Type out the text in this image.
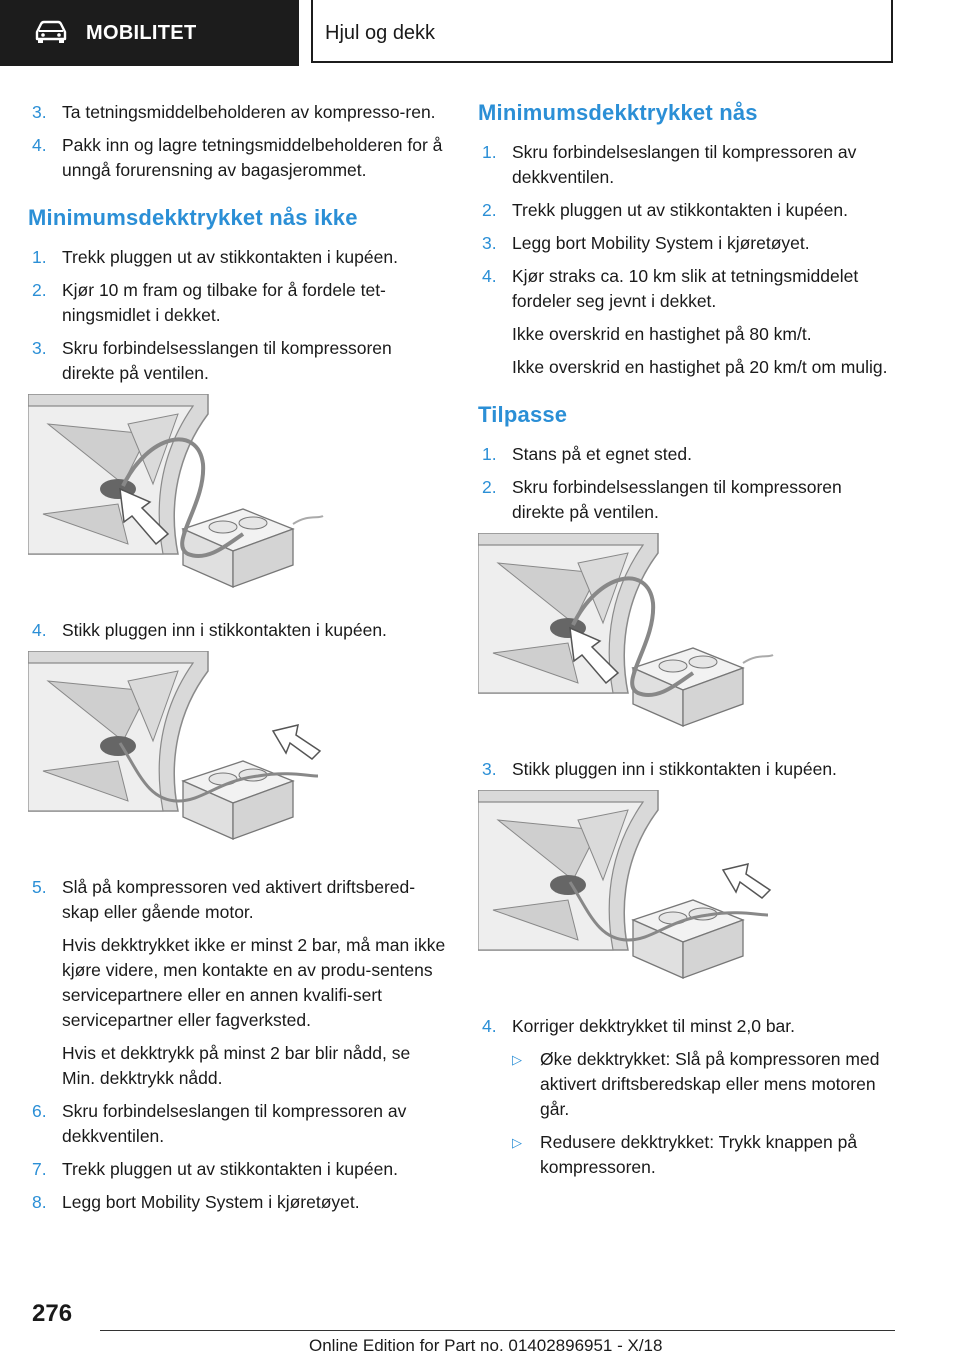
MOBILITET	Hjul og dekk
3. Ta tetningsmiddelbeholderen av kompresso-ren.
4. Pakk inn og lagre tetningsmiddelbeholderen for å unngå forurensning av bagasjerommet.
Minimumsdekktrykket nås ikke
1. Trekk pluggen ut av stikkontakten i kupéen.
2. Kjør 10 m fram og tilbake for å fordele tet-ningsmidlet i dekket.
3. Skru forbindelsesslangen til kompressoren direkte på ventilen.
4. Stikk pluggen inn i stikkontakten i kupéen.
5. Slå på kompressoren ved aktivert driftsbered-skap eller gående motor.
Hvis dekktrykket ikke er minst 2 bar, må man ikke kjøre videre, men kontakte en av produ-sentens servicepartnere eller en annen kvalifi-sert servicepartner eller fagverksted.
Hvis et dekktrykk på minst 2 bar blir nådd, se Min. dekktrykk nådd.
6. Skru forbindelseslangen til kompressoren av dekkventilen.
7. Trekk pluggen ut av stikkontakten i kupéen.
8. Legg bort Mobility System i kjøretøyet.
Minimumsdekktrykket nås
1. Skru forbindelseslangen til kompressoren av dekkventilen.
2. Trekk pluggen ut av stikkontakten i kupéen.
3. Legg bort Mobility System i kjøretøyet.
4. Kjør straks ca. 10 km slik at tetningsmiddelet fordeler seg jevnt i dekket.
Ikke overskrid en hastighet på 80 km/t.
Ikke overskrid en hastighet på 20 km/t om mulig.
Tilpasse
1. Stans på et egnet sted.
2. Skru forbindelsesslangen til kompressoren direkte på ventilen.
3. Stikk pluggen inn i stikkontakten i kupéen.
4. Korriger dekktrykket til minst 2,0 bar.
▷ Øke dekktrykket: Slå på kompressoren med aktivert driftsberedskap eller mens motoren går.
▷ Redusere dekktrykket: Trykk knappen på kompressoren.
276
Online Edition for Part no. 01402896951 - X/18
